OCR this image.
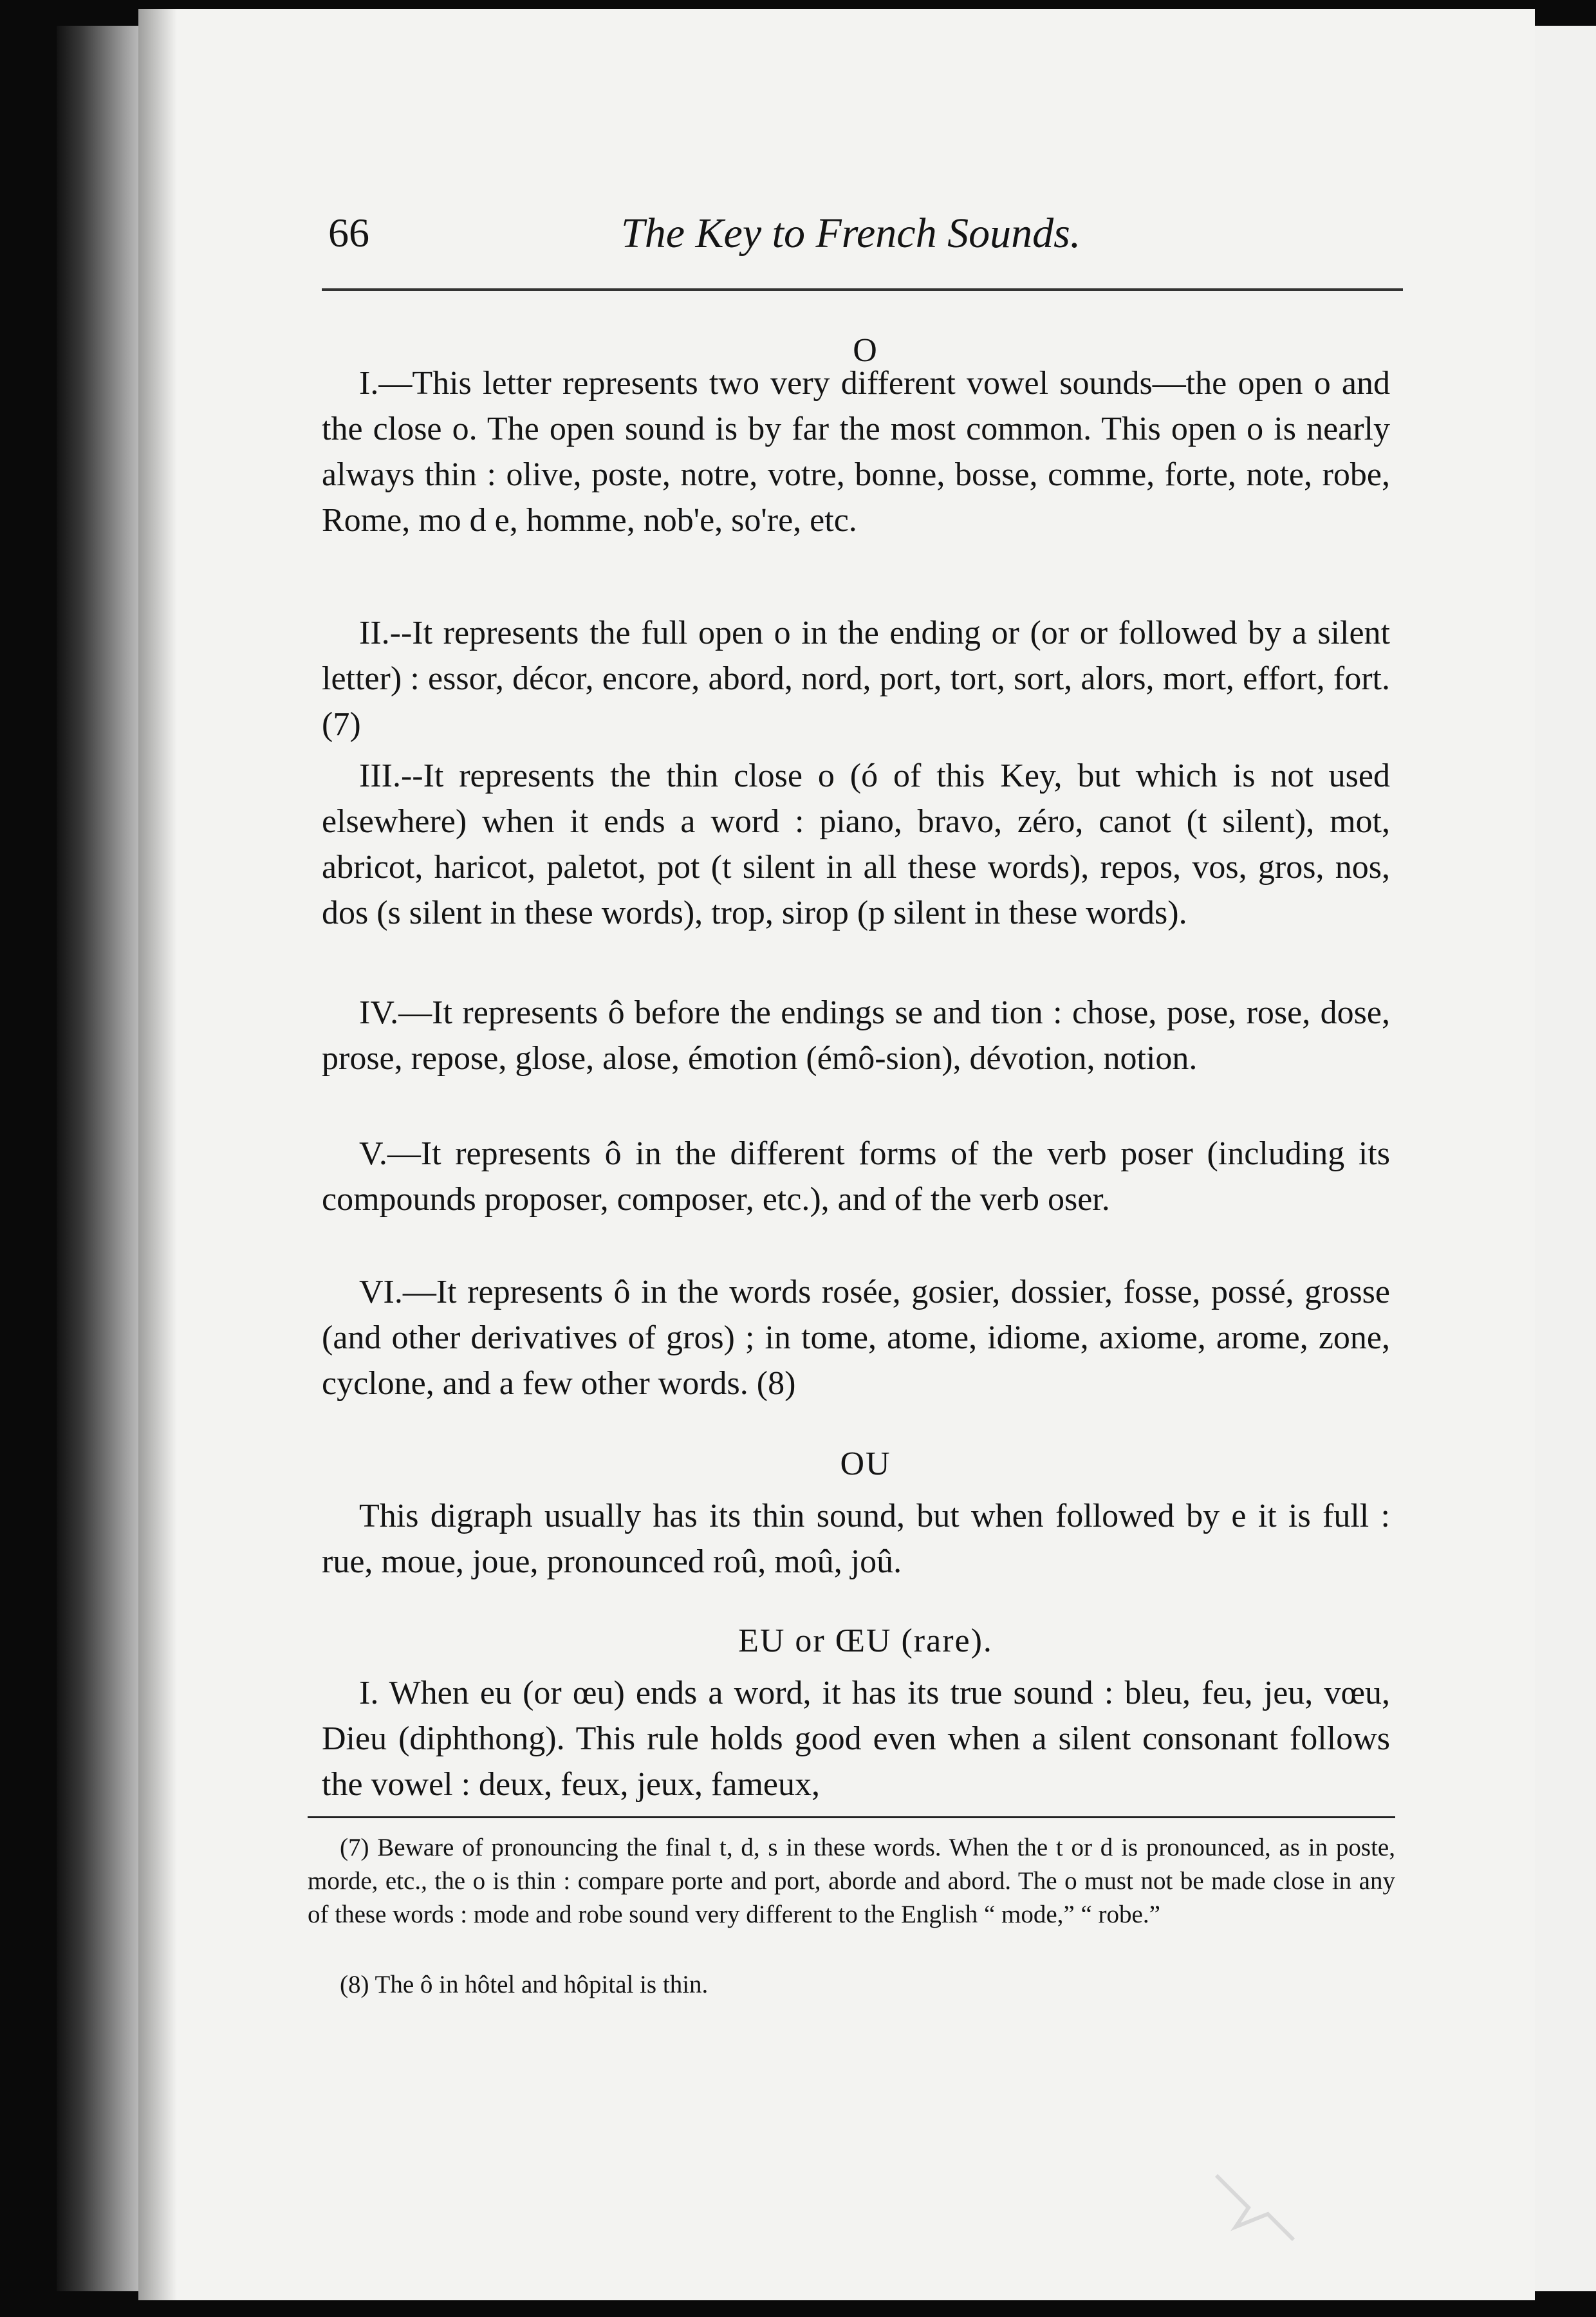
66	The Key to French Sounds.
O

I.—This letter represents two very different vowel sounds—the open o and the close o. The open sound is by far the most common. This open o is nearly always thin : olive, poste, notre, votre, bonne, bosse, comme, forte, note, robe, Rome, mo d e, homme, nob'e, so're, etc.

II.--It represents the full open o in the ending or (or or followed by a silent letter) : essor, décor, encore, abord, nord, port, tort, sort, alors, mort, effort, fort. (7)

III.--It represents the thin close o (ó of this Key, but which is not used elsewhere) when it ends a word : piano, bravo, zéro, canot (t silent), mot, abricot, haricot, paletot, pot (t silent in all these words), repos, vos, gros, nos, dos (s silent in these words), trop, sirop (p silent in these words).

IV.—It represents ô before the endings se and tion : chose, pose, rose, dose, prose, repose, glose, alose, émotion (émô-sion), dévotion, notion.

V.—It represents ô in the different forms of the verb poser (including its compounds proposer, composer, etc.), and of the verb oser.

VI.—It represents ô in the words rosée, gosier, dossier, fosse, possé, grosse (and other derivatives of gros) ; in tome, atome, idiome, axiome, arome, zone, cyclone, and a few other words. (8)

OU

This digraph usually has its thin sound, but when followed by e it is full : rue, moue, joue, pronounced roû, moû, joû.

EU or ŒU (rare).

I. When eu (or œu) ends a word, it has its true sound : bleu, feu, jeu, vœu, Dieu (diphthong). This rule holds good even when a silent consonant follows the vowel : deux, feux, jeux, fameux,

(7) Beware of pronouncing the final t, d, s in these words. When the t or d is pronounced, as in poste, morde, etc., the o is thin : compare porte and port, aborde and abord. The o must not be made close in any of these words : mode and robe sound very different to the English “ mode,” “ robe.”

(8) The ô in hôtel and hôpital is thin.
